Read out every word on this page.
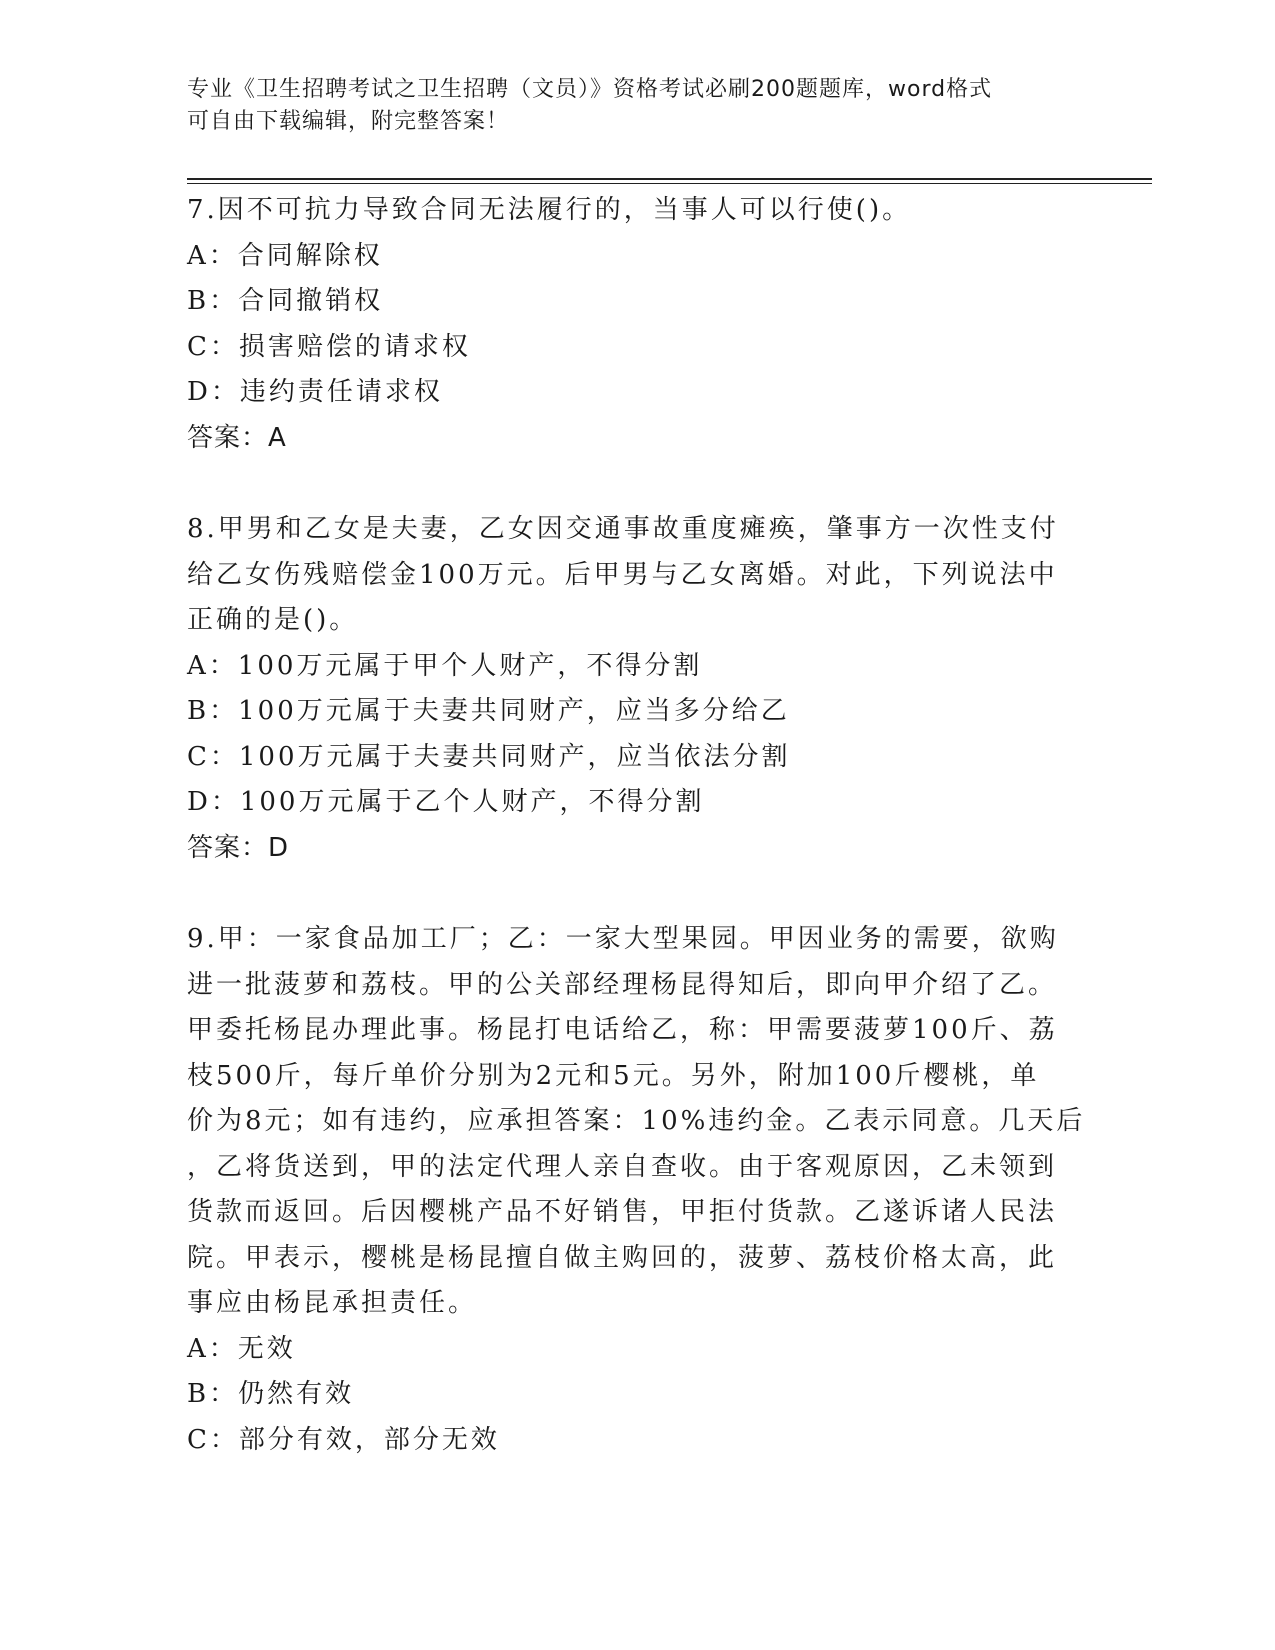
专业《卫生招聘考试之卫生招聘（文员）》资格考试必刷200题题库，word格式
可自由下载编辑，附完整答案！

7.因不可抗力导致合同无法履行的，当事人可以行使()。

A：合同解除权

B：合同撤销权

C：损害赔偿的请求权

D：违约责任请求权

答案：A

8.甲男和乙女是夫妻，乙女因交通事故重度瘫痪，肇事方一次性支付

给乙女伤残赔偿金100万元。后甲男与乙女离婚。对此，下列说法中

正确的是()。

A：100万元属于甲个人财产，不得分割

B：100万元属于夫妻共同财产，应当多分给乙

C：100万元属于夫妻共同财产，应当依法分割

D：100万元属于乙个人财产，不得分割

答案：D

9.甲：一家食品加工厂；乙：一家大型果园。甲因业务的需要，欲购

进一批菠萝和荔枝。甲的公关部经理杨昆得知后，即向甲介绍了乙。

甲委托杨昆办理此事。杨昆打电话给乙，称：甲需要菠萝100斤、荔

枝500斤，每斤单价分别为2元和5元。另外，附加100斤樱桃，单

价为8元；如有违约，应承担答案：10%违约金。乙表示同意。几天后

，乙将货送到，甲的法定代理人亲自查收。由于客观原因，乙未领到

货款而返回。后因樱桃产品不好销售，甲拒付货款。乙遂诉诸人民法

院。甲表示，樱桃是杨昆擅自做主购回的，菠萝、荔枝价格太高，此

事应由杨昆承担责任。

A：无效

B：仍然有效

C：部分有效，部分无效
